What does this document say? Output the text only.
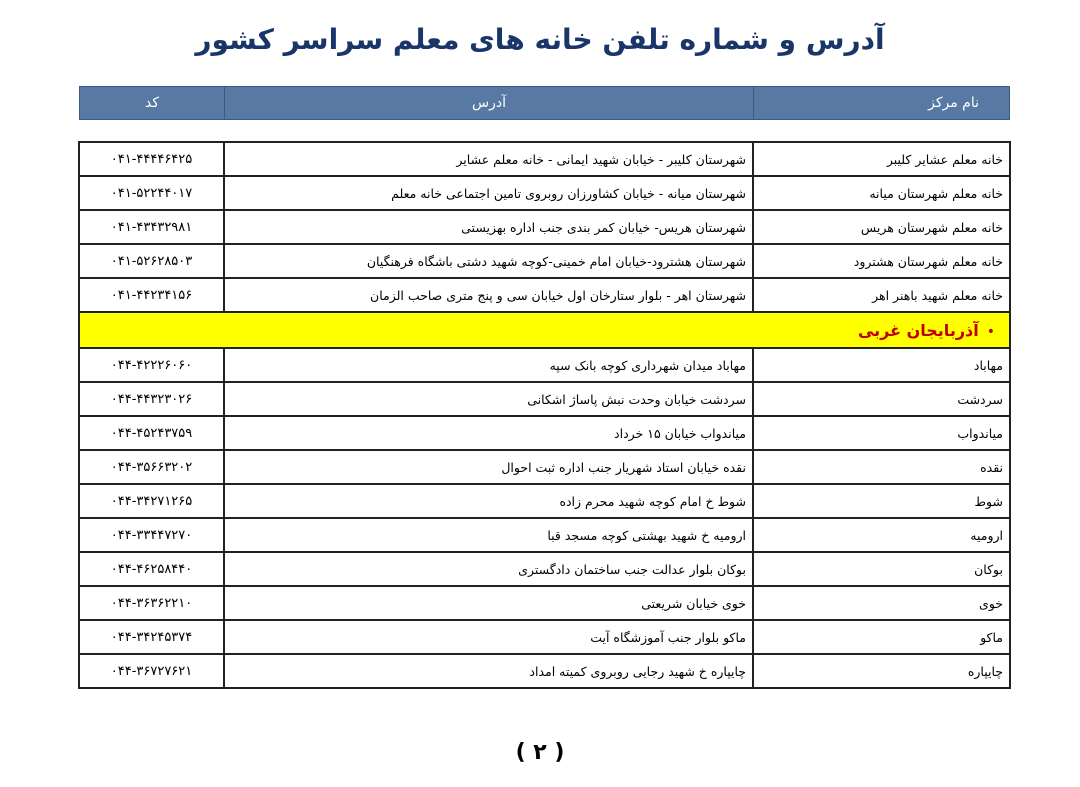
آدرس و شماره تلفن خانه های معلم سراسر کشور
نام مرکز	آدرس	کد
خانه معلم عشایر کلیبر	شهرستان کلیبر - خیابان شهید ایمانی - خانه معلم عشایر	۰۴۱-۴۴۴۴۶۴۲۵
خانه معلم شهرستان میانه	شهرستان میانه - خیابان کشاورزان روبروی تامین اجتماعی خانه معلم	۰۴۱-۵۲۲۴۴۰۱۷
خانه معلم شهرستان هریس	شهرستان هریس- خیابان کمر بندی جنب اداره بهزیستی	۰۴۱-۴۳۴۳۲۹۸۱
خانه معلم شهرستان هشترود	شهرستان هشترود-خیابان امام خمینی-کوچه شهید دشتی باشگاه فرهنگیان	۰۴۱-۵۲۶۲۸۵۰۳
خانه معلم شهید باهنر اهر	شهرستان اهر - بلوار ستارخان اول خیابان سی و پنج متری صاحب الزمان	۰۴۱-۴۴۲۳۴۱۵۶
•آذربایجان غربی		
مهاباد	مهاباد میدان شهرداری کوچه بانک سپه	۰۴۴-۴۲۲۲۶۰۶۰
سردشت	سردشت خیابان وحدت نبش پاساژ اشکانی	۰۴۴-۴۴۳۲۳۰۲۶
میاندواب	میاندواب خیابان ۱۵ خرداد	۰۴۴-۴۵۲۴۳۷۵۹
نقده	نقده خیابان استاد شهریار جنب اداره ثبت احوال	۰۴۴-۳۵۶۶۳۲۰۲
شوط	شوط خ امام کوچه شهید محرم زاده	۰۴۴-۳۴۲۷۱۲۶۵
ارومیه	ارومیه خ شهید بهشتی کوچه مسجد قبا	۰۴۴-۳۳۴۴۷۲۷۰
بوکان	بوکان بلوار عدالت جنب ساختمان دادگستری	۰۴۴-۴۶۲۵۸۴۴۰
خوی	خوی خیابان شریعتی	۰۴۴-۳۶۳۶۲۲۱۰
ماکو	ماکو بلوار جنب آموزشگاه آیت	۰۴۴-۳۴۲۴۵۳۷۴
چایپاره	چایپاره خ شهید رجایی روبروی کمیته امداد	۰۴۴-۳۶۷۲۷۶۲۱
( ۲ )
